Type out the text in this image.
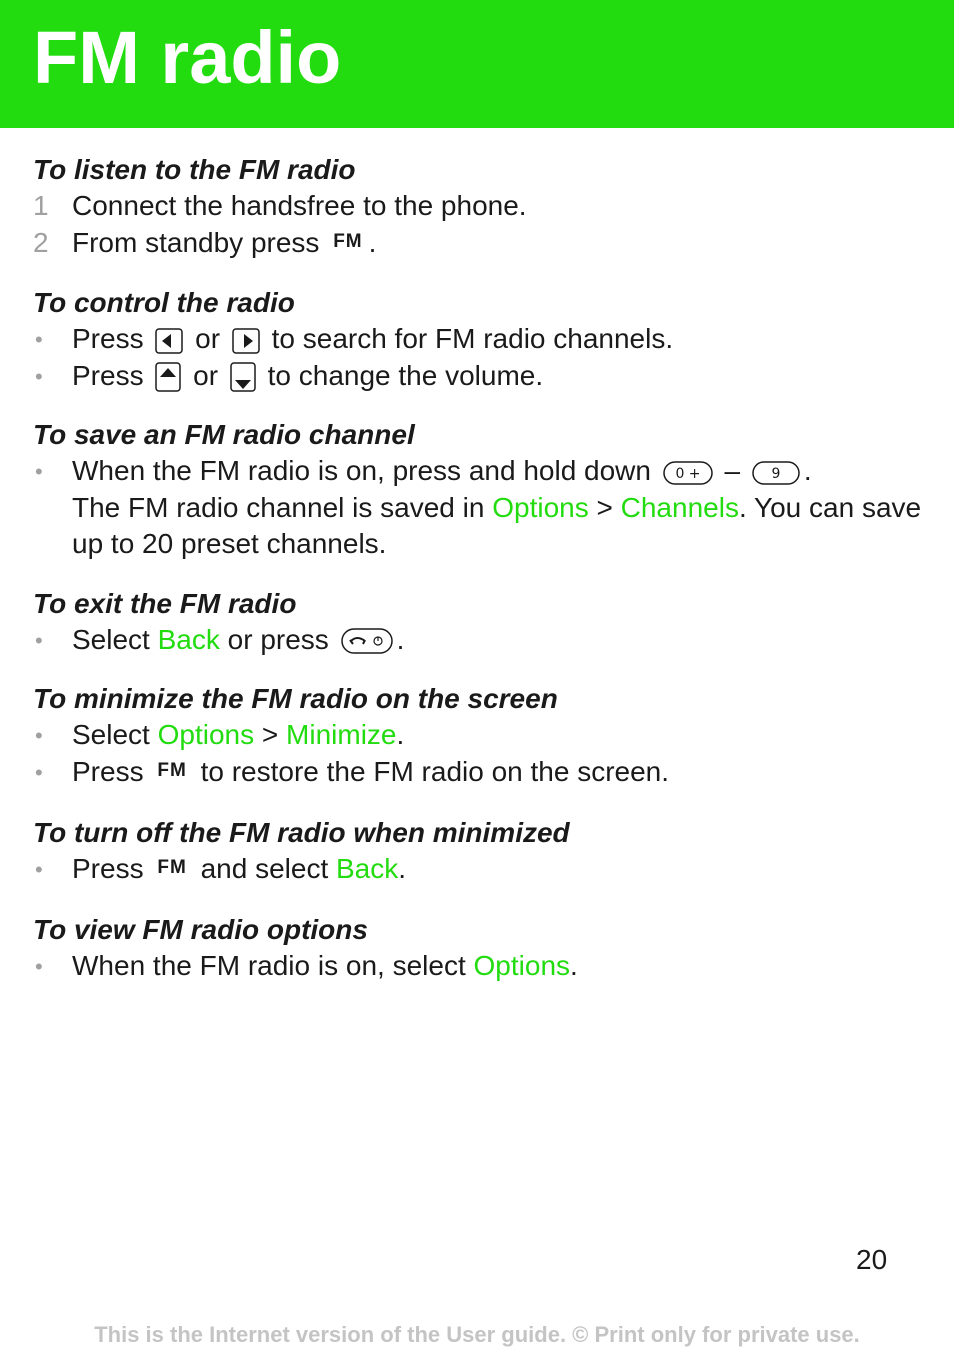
FM radio
To listen to the FM radio
1 Connect the handsfree to the phone.
2 From standby press FM .
To control the radio
•	Press or to search for FM radio channels.
•	Press or to change the volume.
To save an FM radio channel
•	When the FM radio is on, press and hold down 0 + – 9 .
The FM radio channel is saved in Options > Channels. You can save up to 20 preset channels.
To exit the FM radio
•	Select Back or press .
To minimize the FM radio on the screen
•	Select Options > Minimize.
•	Press FM to restore the FM radio on the screen.
To turn off the FM radio when minimized
•	Press FM and select Back.
To view FM radio options
•	When the FM radio is on, select Options.
20
This is the Internet version of the User guide. © Print only for private use.
